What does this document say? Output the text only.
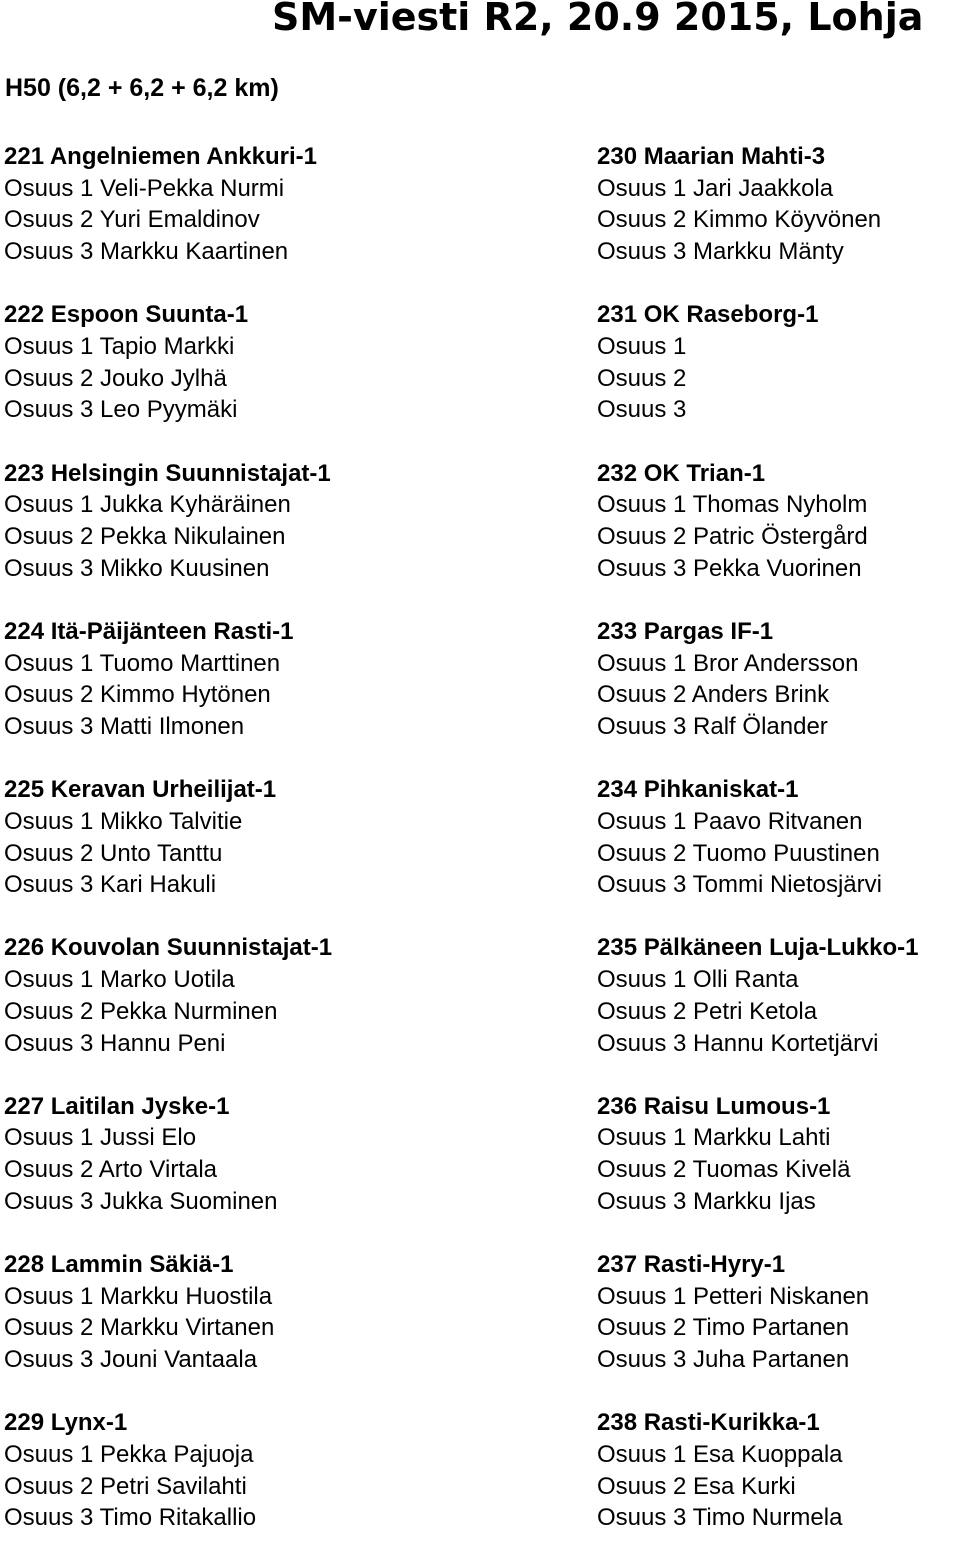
SM-viesti R2, 20.9 2015, Lohja
H50 (6,2 + 6,2 + 6,2 km)
221 Angelniemen Ankkuri-1
Osuus 1 Veli-Pekka Nurmi
Osuus 2 Yuri Emaldinov
Osuus 3 Markku Kaartinen
222 Espoon Suunta-1
Osuus 1 Tapio Markki
Osuus 2 Jouko Jylhä
Osuus 3 Leo Pyymäki
223 Helsingin Suunnistajat-1
Osuus 1 Jukka Kyhäräinen
Osuus 2 Pekka Nikulainen
Osuus 3 Mikko Kuusinen
224 Itä-Päijänteen Rasti-1
Osuus 1 Tuomo Marttinen
Osuus 2 Kimmo Hytönen
Osuus 3 Matti Ilmonen
225 Keravan Urheilijat-1
Osuus 1 Mikko Talvitie
Osuus 2 Unto Tanttu
Osuus 3 Kari Hakuli
226 Kouvolan Suunnistajat-1
Osuus 1 Marko Uotila
Osuus 2 Pekka Nurminen
Osuus 3 Hannu Peni
227 Laitilan Jyske-1
Osuus 1 Jussi Elo
Osuus 2 Arto Virtala
Osuus 3 Jukka Suominen
228 Lammin Säkiä-1
Osuus 1 Markku Huostila
Osuus 2 Markku Virtanen
Osuus 3 Jouni Vantaala
229 Lynx-1
Osuus 1 Pekka Pajuoja
Osuus 2 Petri Savilahti
Osuus 3 Timo Ritakallio
230 Maarian Mahti-3
Osuus 1 Jari Jaakkola
Osuus 2 Kimmo Köyvönen
Osuus 3 Markku Mänty
231 OK Raseborg-1
Osuus 1
Osuus 2
Osuus 3
232 OK Trian-1
Osuus 1 Thomas Nyholm
Osuus 2 Patric Östergård
Osuus 3 Pekka Vuorinen
233 Pargas IF-1
Osuus 1 Bror Andersson
Osuus 2 Anders Brink
Osuus 3 Ralf Ölander
234 Pihkaniskat-1
Osuus 1 Paavo Ritvanen
Osuus 2 Tuomo Puustinen
Osuus 3 Tommi Nietosjärvi
235 Pälkäneen Luja-Lukko-1
Osuus 1 Olli Ranta
Osuus 2 Petri Ketola
Osuus 3 Hannu Kortetjärvi
236 Raisu Lumous-1
Osuus 1 Markku Lahti
Osuus 2 Tuomas Kivelä
Osuus 3 Markku Ijas
237 Rasti-Hyry-1
Osuus 1 Petteri Niskanen
Osuus 2 Timo Partanen
Osuus 3 Juha Partanen
238 Rasti-Kurikka-1
Osuus 1 Esa Kuoppala
Osuus 2 Esa Kurki
Osuus 3 Timo Nurmela
